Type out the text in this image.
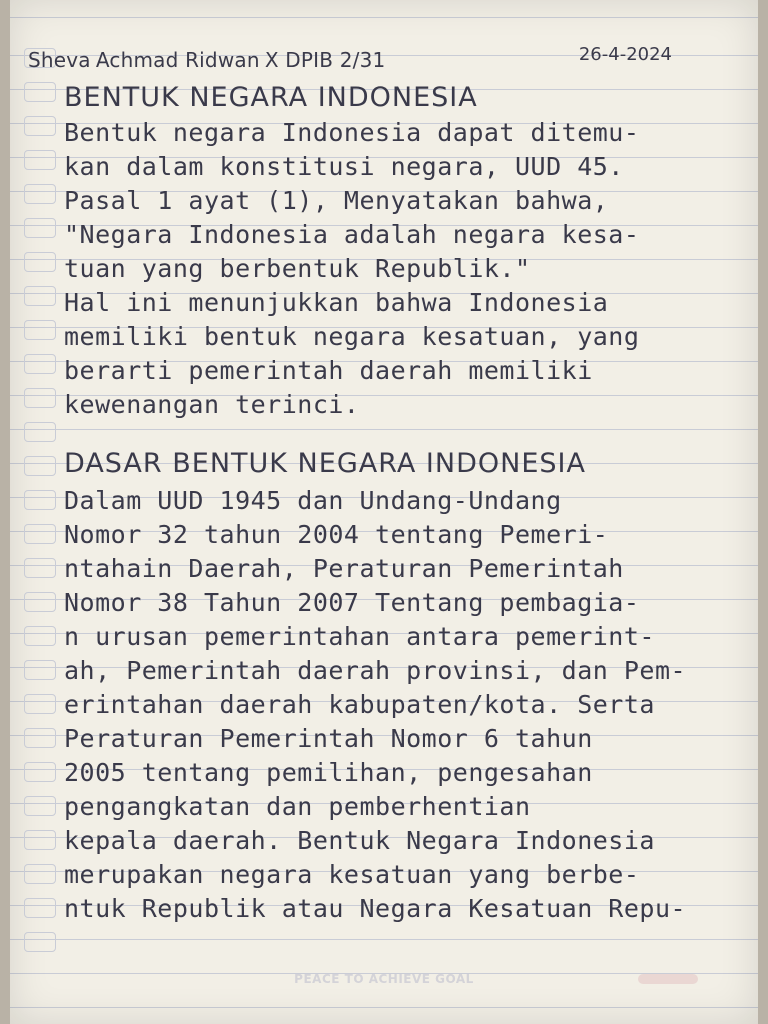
Sheva Achmad Ridwan X DPIB 2/31	26-4-2024
BENTUK NEGARA INDONESIA
Bentuk negara Indonesia dapat ditemu-
kan dalam konstitusi negara, UUD 45.
Pasal 1 ayat (1), Menyatakan bahwa,
"Negara Indonesia adalah negara kesa-
tuan yang berbentuk Republik."
Hal ini menunjukkan bahwa Indonesia
memiliki bentuk negara kesatuan, yang
berarti pemerintah daerah memiliki
kewenangan terinci.
DASAR BENTUK NEGARA INDONESIA
Dalam UUD 1945 dan Undang-Undang
Nomor 32 tahun 2004 tentang Pemeri-
ntahain Daerah, Peraturan Pemerintah
Nomor 38 Tahun 2007 Tentang pembagia-
n urusan pemerintahan antara pemerint-
ah, Pemerintah daerah provinsi, dan Pem-
erintahan daerah kabupaten/kota. Serta
Peraturan Pemerintah Nomor 6 tahun
2005 tentang pemilihan, pengesahan
pengangkatan dan pemberhentian
kepala daerah. Bentuk Negara Indonesia
merupakan negara kesatuan yang berbe-
ntuk Republik atau Negara Kesatuan Repu-
PEACE TO ACHIEVE GOAL
